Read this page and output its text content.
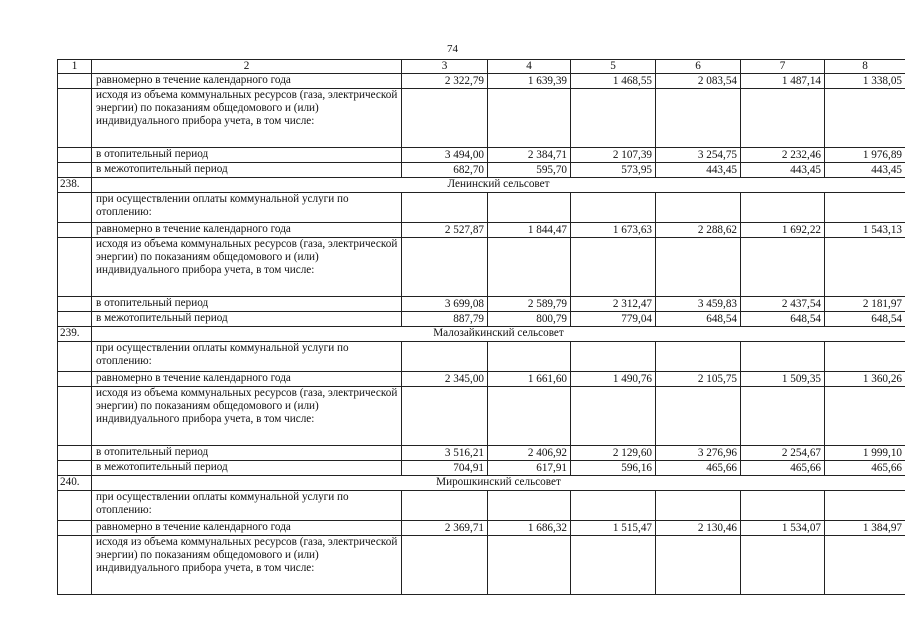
74
1	2	3	4	5	6	7	8
	равномерно в течение календарного года	2 322,79	1 639,39	1 468,55	2 083,54	1 487,14	1 338,05
	исходя из объема коммунальных ресурсов (газа, электрической энергии) по показаниям общедомового и (или) индивидуального прибора учета, в том числе:						
	в отопительный период	3 494,00	2 384,71	2 107,39	3 254,75	2 232,46	1 976,89
	в межотопительный период	682,70	595,70	573,95	443,45	443,45	443,45
238.	Ленинский сельсовет						
	при осуществлении оплаты коммунальной услуги по отоплению:						
	равномерно в течение календарного года	2 527,87	1 844,47	1 673,63	2 288,62	1 692,22	1 543,13
	исходя из объема коммунальных ресурсов (газа, электрической энергии) по показаниям общедомового и (или) индивидуального прибора учета, в том числе:						
	в отопительный период	3 699,08	2 589,79	2 312,47	3 459,83	2 437,54	2 181,97
	в межотопительный период	887,79	800,79	779,04	648,54	648,54	648,54
239.	Малозайкинский сельсовет						
	при осуществлении оплаты коммунальной услуги по отоплению:						
	равномерно в течение календарного года	2 345,00	1 661,60	1 490,76	2 105,75	1 509,35	1 360,26
	исходя из объема коммунальных ресурсов (газа, электрической энергии) по показаниям общедомового и (или) индивидуального прибора учета, в том числе:						
	в отопительный период	3 516,21	2 406,92	2 129,60	3 276,96	2 254,67	1 999,10
	в межотопительный период	704,91	617,91	596,16	465,66	465,66	465,66
240.	Мирошкинский сельсовет						
	при осуществлении оплаты коммунальной услуги по отоплению:						
	равномерно в течение календарного года	2 369,71	1 686,32	1 515,47	2 130,46	1 534,07	1 384,97
	исходя из объема коммунальных ресурсов (газа, электрической энергии) по показаниям общедомового и (или) индивидуального прибора учета, в том числе:						
